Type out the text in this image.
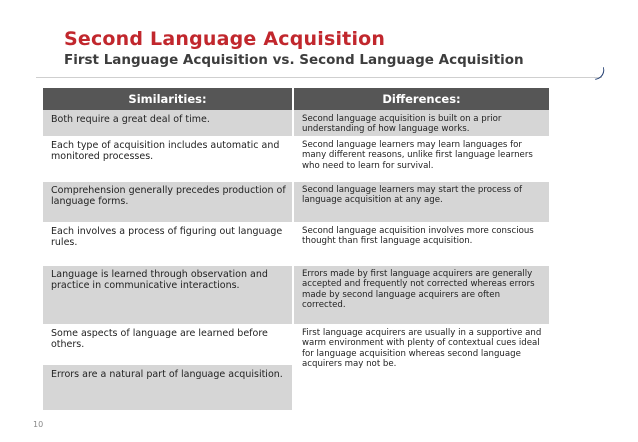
Second Language Acquisition
First Language Acquisition vs. Second Language Acquisition
Similarities:	Differences:
Both require a great deal of time.
Each type of acquisition includes automatic and monitored processes.
Comprehension generally precedes production of language forms.
Each involves a process of figuring out language rules.
Language is learned through observation and practice in communicative interactions.
Some aspects of language are learned before others.
Errors are a natural part of language acquisition.
Second language acquisition is built on a prior understanding of how language works.
Second language learners may learn languages for many different reasons, unlike first language learners who need to learn for survival.
Second language learners may start the process of language acquisition at any age.
Second language acquisition involves more conscious thought than first language acquisition.
Errors made by first language acquirers are generally accepted and frequently not corrected whereas errors made by second language acquirers are often corrected.
First language acquirers are usually in a supportive and warm environment with plenty of contextual cues ideal for language acquisition whereas second language acquirers may not be.
10
